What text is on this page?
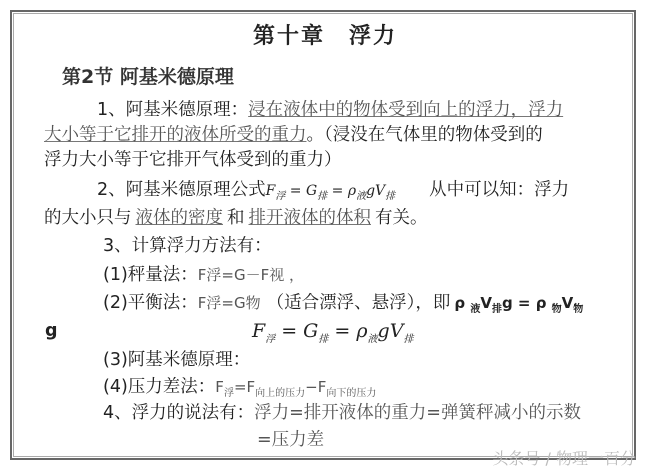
第十章　浮力
第2节 阿基米德原理
1、阿基米德原理：浸在液体中的物体受到向上的浮力，浮力
大小等于它排开的液体所受的重力。（浸没在气体里的物体受到的
浮力大小等于它排开气体受到的重力）
2、阿基米德原理公式$F_浮 = G_排 = \rho_液gV_排$ 从中可以知：浮力
的大小只与 液体的密度 和 排开液体的体积 有关。
3、计算浮力方法有：
(1)秤量法：F浮=G－F视 ，
(2)平衡法：F浮=G物 （适合漂浮、悬浮），即 ρ $_液V_排g = \rho$ $_物V_物$
g	$F_浮 = G_排 = \rho_液gV_排$
(3)阿基米德原理：
(4)压力差法：$F_浮=F_{向上的压力}-F_{向下的压力}$
4、浮力的说法有：浮力=排开液体的重力=弹簧秤减小的示数
=压力差
头条号 / 物理一百分
